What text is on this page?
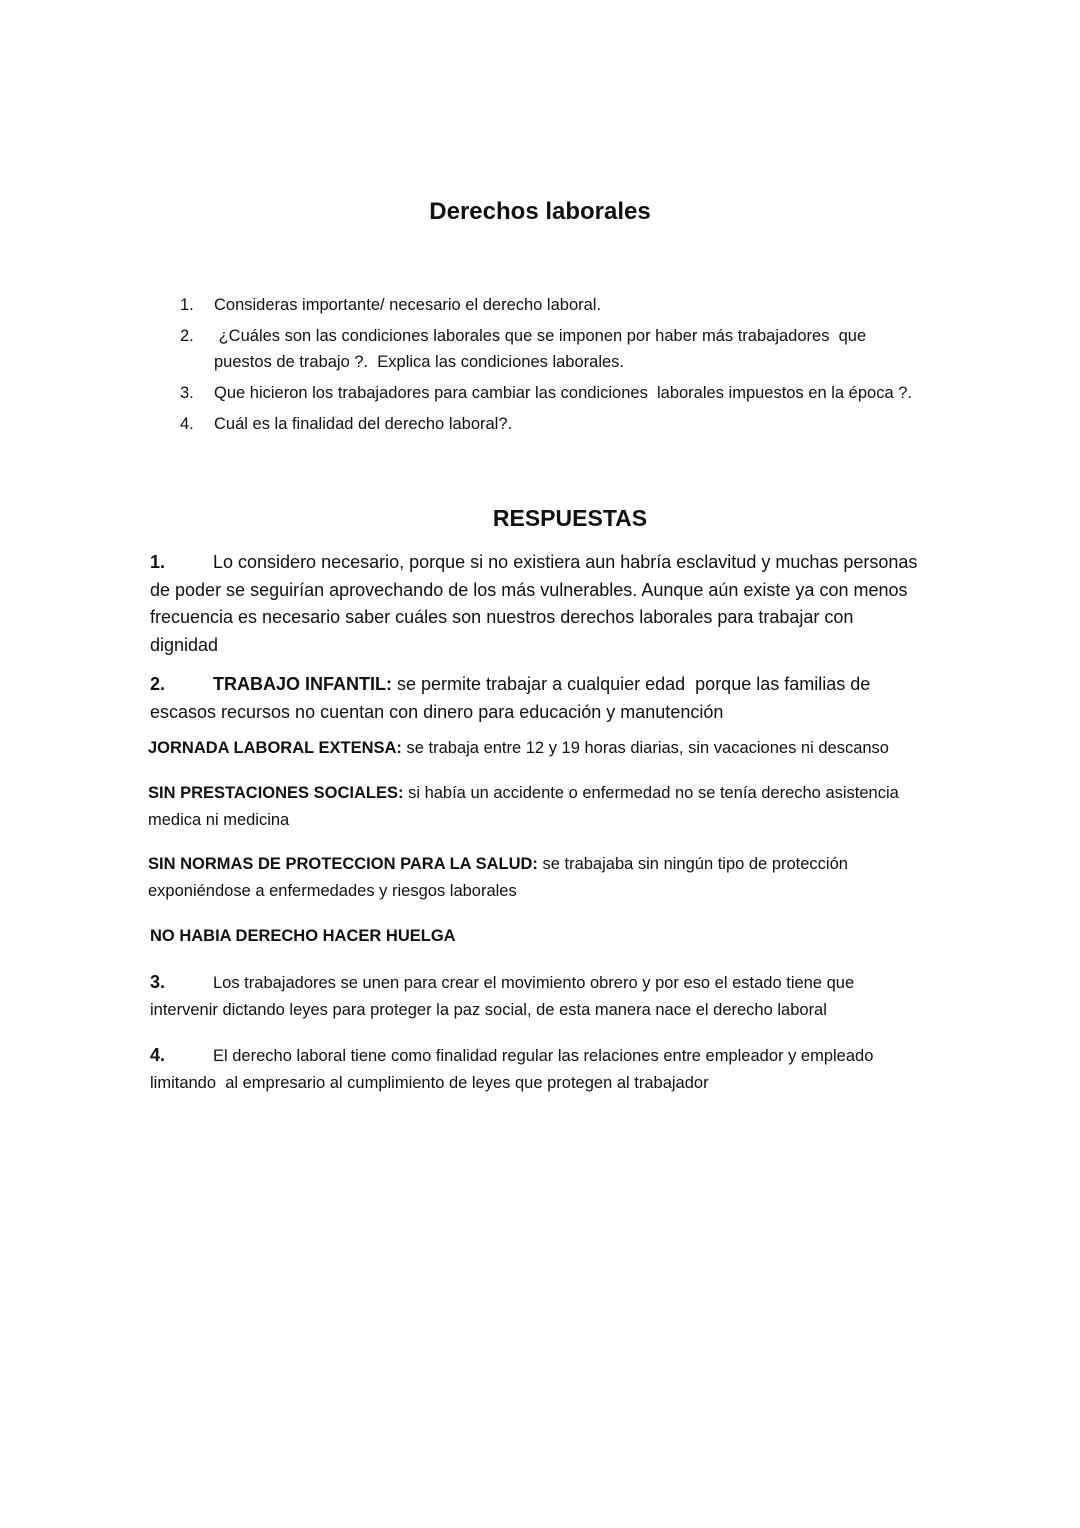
Derechos laborales
1.	Consideras importante/ necesario el derecho laboral.
2.	¿Cuáles son las condiciones laborales que se imponen por haber más trabajadores  que puestos de trabajo ?.  Explica las condiciones laborales.
3.	Que hicieron los trabajadores para cambiar las condiciones  laborales impuestos en la época ?.
4.	Cuál es la finalidad del derecho laboral?.
RESPUESTAS

1.	Lo considero necesario, porque si no existiera aun habría esclavitud y muchas personas de poder se seguirían aprovechando de los más vulnerables. Aunque aún existe ya con menos frecuencia es necesario saber cuáles son nuestros derechos laborales para trabajar con dignidad

2.	TRABAJO INFANTIL: se permite trabajar a cualquier edad  porque las familias de escasos recursos no cuentan con dinero para educación y manutención

JORNADA LABORAL EXTENSA: se trabaja entre 12 y 19 horas diarias, sin vacaciones ni descanso

SIN PRESTACIONES SOCIALES: si había un accidente o enfermedad no se tenía derecho asistencia medica ni medicina

SIN NORMAS DE PROTECCION PARA LA SALUD: se trabajaba sin ningún tipo de protección exponiéndose a enfermedades y riesgos laborales

NO HABIA DERECHO HACER HUELGA

3.	Los trabajadores se unen para crear el movimiento obrero y por eso el estado tiene que intervenir dictando leyes para proteger la paz social, de esta manera nace el derecho laboral

4.	El derecho laboral tiene como finalidad regular las relaciones entre empleador y empleado limitando  al empresario al cumplimiento de leyes que protegen al trabajador
